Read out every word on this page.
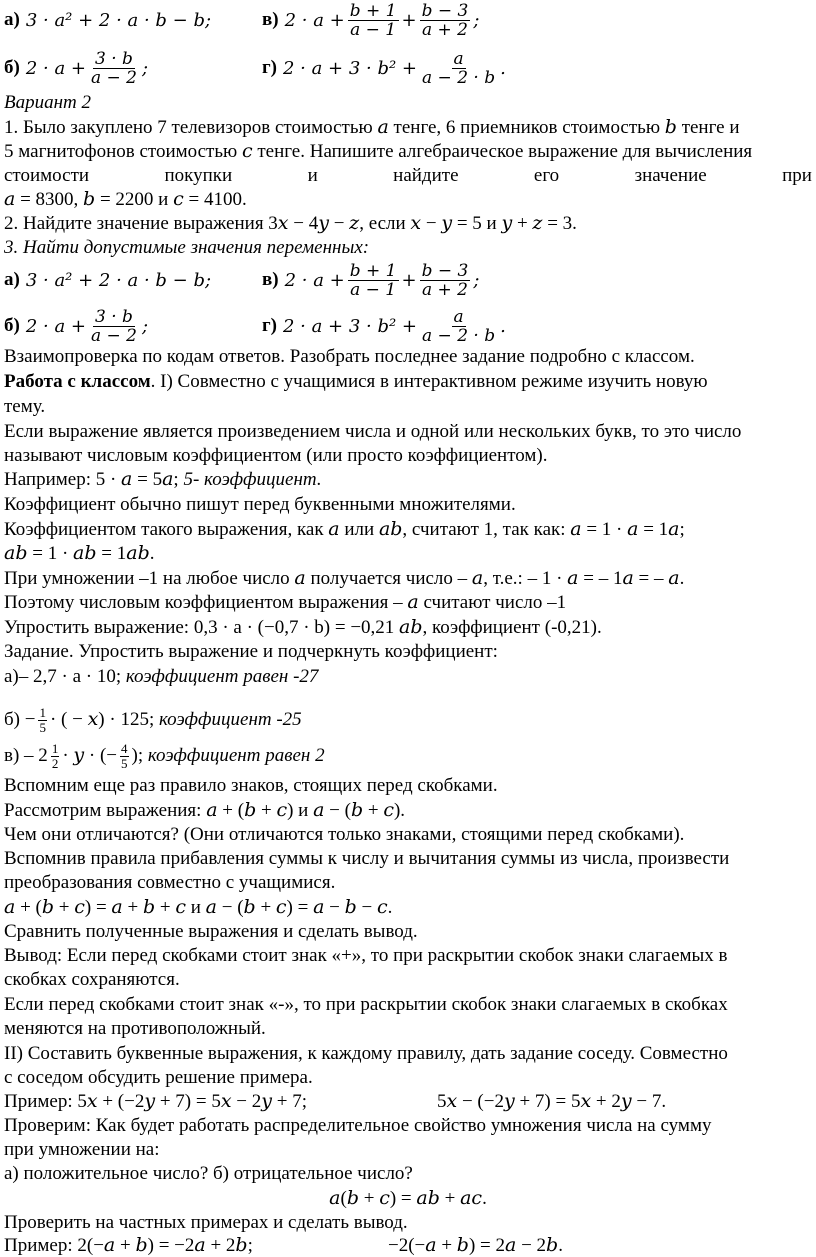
а) 3 · a² + 2 · a · b − b;	в) $2 \cdot a + \frac{b + 1}{a - 1} + \frac{b - 3}{a + 2}$ ;
б) $2 \cdot a + \frac{3 \cdot b}{a - 2}$ ;	г) $2 \cdot a + 3 \cdot b^2 + \frac{a}{a - 2 \cdot b}$ .
Вариант 2
1. Было закуплено 7 телевизоров стоимостью 𝑎 тенге, 6 приемников стоимостью 𝑏 тенге и
5 магнитофонов стоимостью 𝑐 тенге. Напишите алгебраическое выражение для вычисления
стоимости	покупки	и	найдите	его	значение	при
𝑎 = 8300, 𝑏 = 2200 и 𝑐 = 4100.
2. Найдите значение выражения 3𝑥 − 4𝑦 − 𝑧, если 𝑥 − 𝑦 = 5 и 𝑦 + 𝑧 = 3.
3. Найти допустимые значения переменных:
а) 3 · a² + 2 · a · b − b;	в) $2 \cdot a + \frac{b + 1}{a - 1} + \frac{b - 3}{a + 2}$ ;
б) $2 \cdot a + \frac{3 \cdot b}{a - 2}$ ;	г) $2 \cdot a + 3 \cdot b^2 + \frac{a}{a - 2 \cdot b}$ .
Взаимопроверка по кодам ответов. Разобрать последнее задание подробно с классом.
Работа с классом. I) Совместно с учащимися в интерактивном режиме изучить новую
тему.
Если выражение является произведением числа и одной или нескольких букв, то это число
называют числовым коэффициентом (или просто коэффициентом).
Например: 5 · 𝑎 = 5𝑎; 5- коэффициент.
Коэффициент обычно пишут перед буквенными множителями.
Коэффициентом такого выражения, как 𝑎 или 𝑎𝑏, считают 1, так как: 𝑎 = 1 · 𝑎 = 1𝑎;
𝑎𝑏 = 1 · 𝑎𝑏 = 1𝑎𝑏.
При умножении –1 на любое число 𝑎 получается число – 𝑎, т.е.: – 1 · 𝑎 = – 1𝑎 = – 𝑎.
Поэтому числовым коэффициентом выражения – 𝑎 считают число –1
Упростить выражение: 0,3 · a · (−0,7 · b) = −0,21 𝑎𝑏, коэффициент (-0,21).
Задание. Упростить выражение и подчеркнуть коэффициент:
а)– 2,7 · a · 10; коэффициент равен -27
$б) - \frac{1}{5}$ · ( − 𝑥) · 125; коэффициент -25
$в) - 2 \frac{1}{2}$ · 𝑦 · (− $\frac{4}{5}$ ); коэффициент равен 2
Вспомним еще раз правило знаков, стоящих перед скобками.
Рассмотрим выражения: 𝑎 + (𝑏 + 𝑐) и 𝑎 − (𝑏 + 𝑐).
Чем они отличаются? (Они отличаются только знаками, стоящими перед скобками).
Вспомнив правила прибавления суммы к числу и вычитания суммы из числа, произвести
преобразования совместно с учащимися.
𝑎 + (𝑏 + 𝑐) = 𝑎 + 𝑏 + 𝑐 и 𝑎 − (𝑏 + 𝑐) = 𝑎 − 𝑏 − 𝑐.
Сравнить полученные выражения и сделать вывод.
Вывод: Если перед скобками стоит знак «+», то при раскрытии скобок знаки слагаемых в
скобках сохраняются.
Если перед скобками стоит знак «-», то при раскрытии скобок знаки слагаемых в скобках
меняются на противоположный.
II) Составить буквенные выражения, к каждому правилу, дать задание соседу. Совместно
с соседом обсудить решение примера.
Пример: 5𝑥 + (−2𝑦 + 7) = 5𝑥 − 2𝑦 + 7;	5𝑥 − (−2𝑦 + 7) = 5𝑥 + 2𝑦 − 7.
Проверим: Как будет работать распределительное свойство умножения числа на сумму
при умножении на:
а) положительное число? б) отрицательное число?
𝑎(𝑏 + 𝑐) = 𝑎𝑏 + 𝑎𝑐.
Проверить на частных примерах и сделать вывод.
Пример: 2(−𝑎 + 𝑏) = −2𝑎 + 2𝑏;	−2(−𝑎 + 𝑏) = 2𝑎 − 2𝑏.
